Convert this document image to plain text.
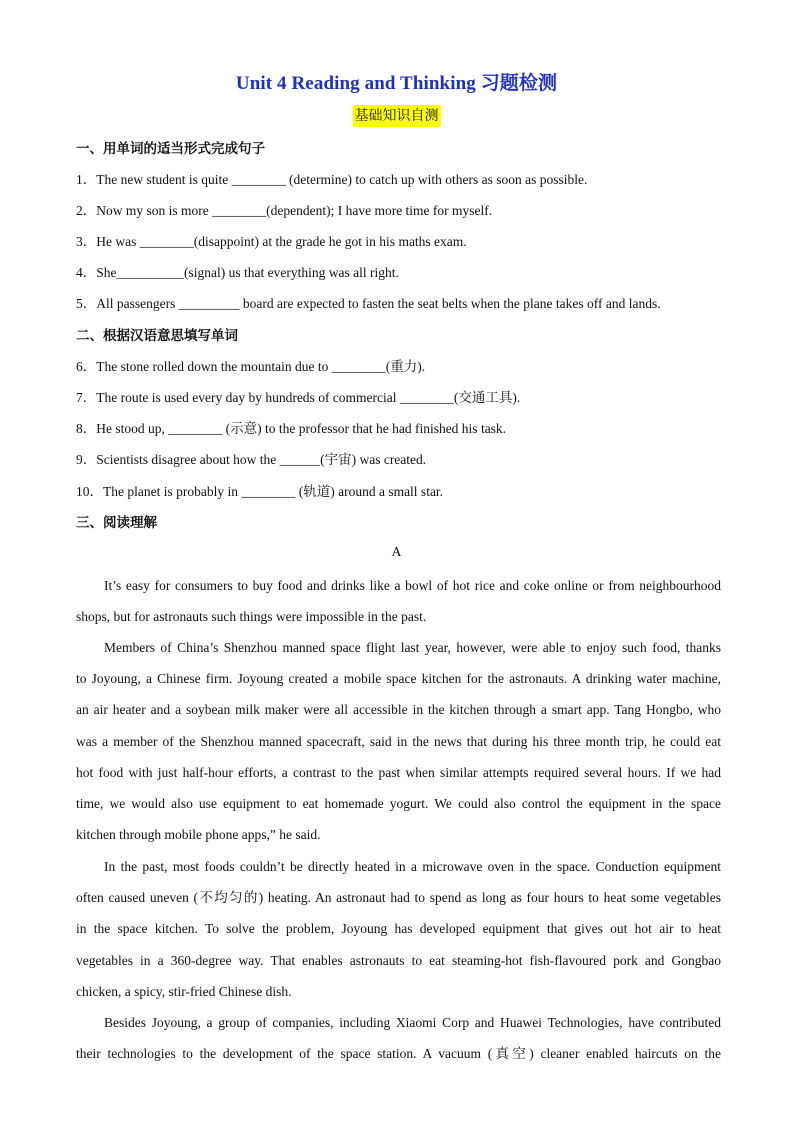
Unit 4 Reading and Thinking 习题检测
基础知识自测
一、用单词的适当形式完成句子
1．The new student is quite ________ (determine) to catch up with others as soon as possible.
2．Now my son is more ________(dependent); I have more time for myself.
3．He was ________(disappoint) at the grade he got in his maths exam.
4．She__________(signal) us that everything was all right.
5．All passengers _________ board are expected to fasten the seat belts when the plane takes off and lands.
二、根据汉语意思填写单词
6．The stone rolled down the mountain due to ________(重力).
7．The route is used every day by hundreds of commercial ________(交通工具).
8．He stood up, ________ (示意) to the professor that he had finished his task.
9．Scientists disagree about how the ______(宇宙) was created.
10．The planet is probably in ________ (轨道) around a small star.
三、阅读理解
A
It’s easy for consumers to buy food and drinks like a bowl of hot rice and coke online or from neighbourhood
shops, but for astronauts such things were impossible in the past.
Members of China’s Shenzhou manned space flight last year, however, were able to enjoy such food, thanks
to Joyoung, a Chinese firm. Joyoung created a mobile space kitchen for the astronauts. A drinking water machine,
an air heater and a soybean milk maker were all accessible in the kitchen through a smart app. Tang Hongbo, who
was a member of the Shenzhou manned spacecraft, said in the news that during his three month trip, he could eat
hot food with just half-hour efforts, a contrast to the past when similar attempts required several hours. If we had
time, we would also use equipment to eat homemade yogurt. We could also control the equipment in the space
kitchen through mobile phone apps,” he said.
In the past, most foods couldn’t be directly heated in a microwave oven in the space. Conduction equipment
often caused uneven (不均匀的) heating. An astronaut had to spend as long as four hours to heat some vegetables
in the space kitchen. To solve the problem, Joyoung has developed equipment that gives out hot air to heat
vegetables in a 360-degree way. That enables astronauts to eat steaming-hot fish-flavoured pork and Gongbao
chicken, a spicy, stir-fried Chinese dish.
Besides Joyoung, a group of companies, including Xiaomi Corp and Huawei Technologies, have contributed
their technologies to the development of the space station. A vacuum (真空) cleaner enabled haircuts on the
